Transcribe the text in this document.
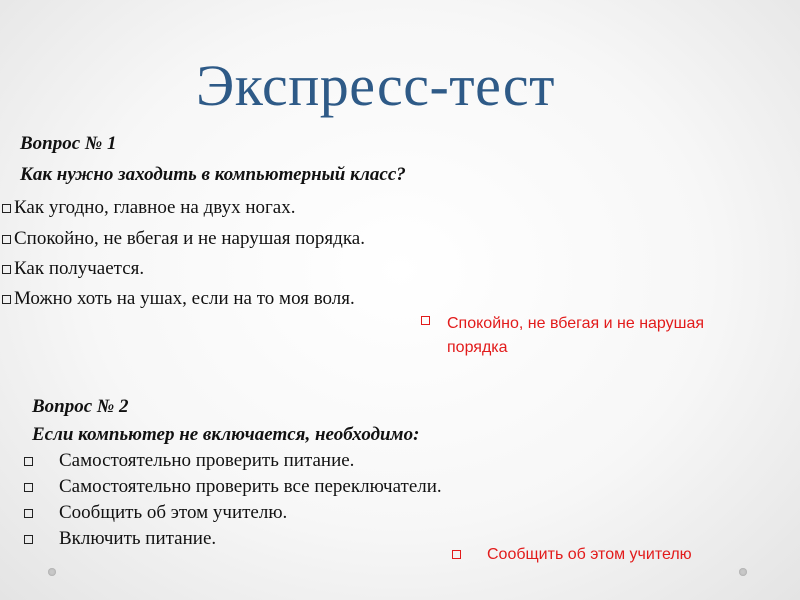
Экспресс-тест
Вопрос № 1
Как нужно заходить в компьютерный класс?
Как угодно, главное на двух ногах.
Спокойно, не вбегая и не нарушая порядка.
Как получается.
Можно хоть на ушах, если на то моя воля.
Спокойно, не вбегая и не нарушая
порядка
Вопрос № 2
Если компьютер не включается, необходимо:
Самостоятельно проверить питание.
Самостоятельно проверить все переключатели.
Сообщить об этом учителю.
Включить питание.
Сообщить об этом учителю
